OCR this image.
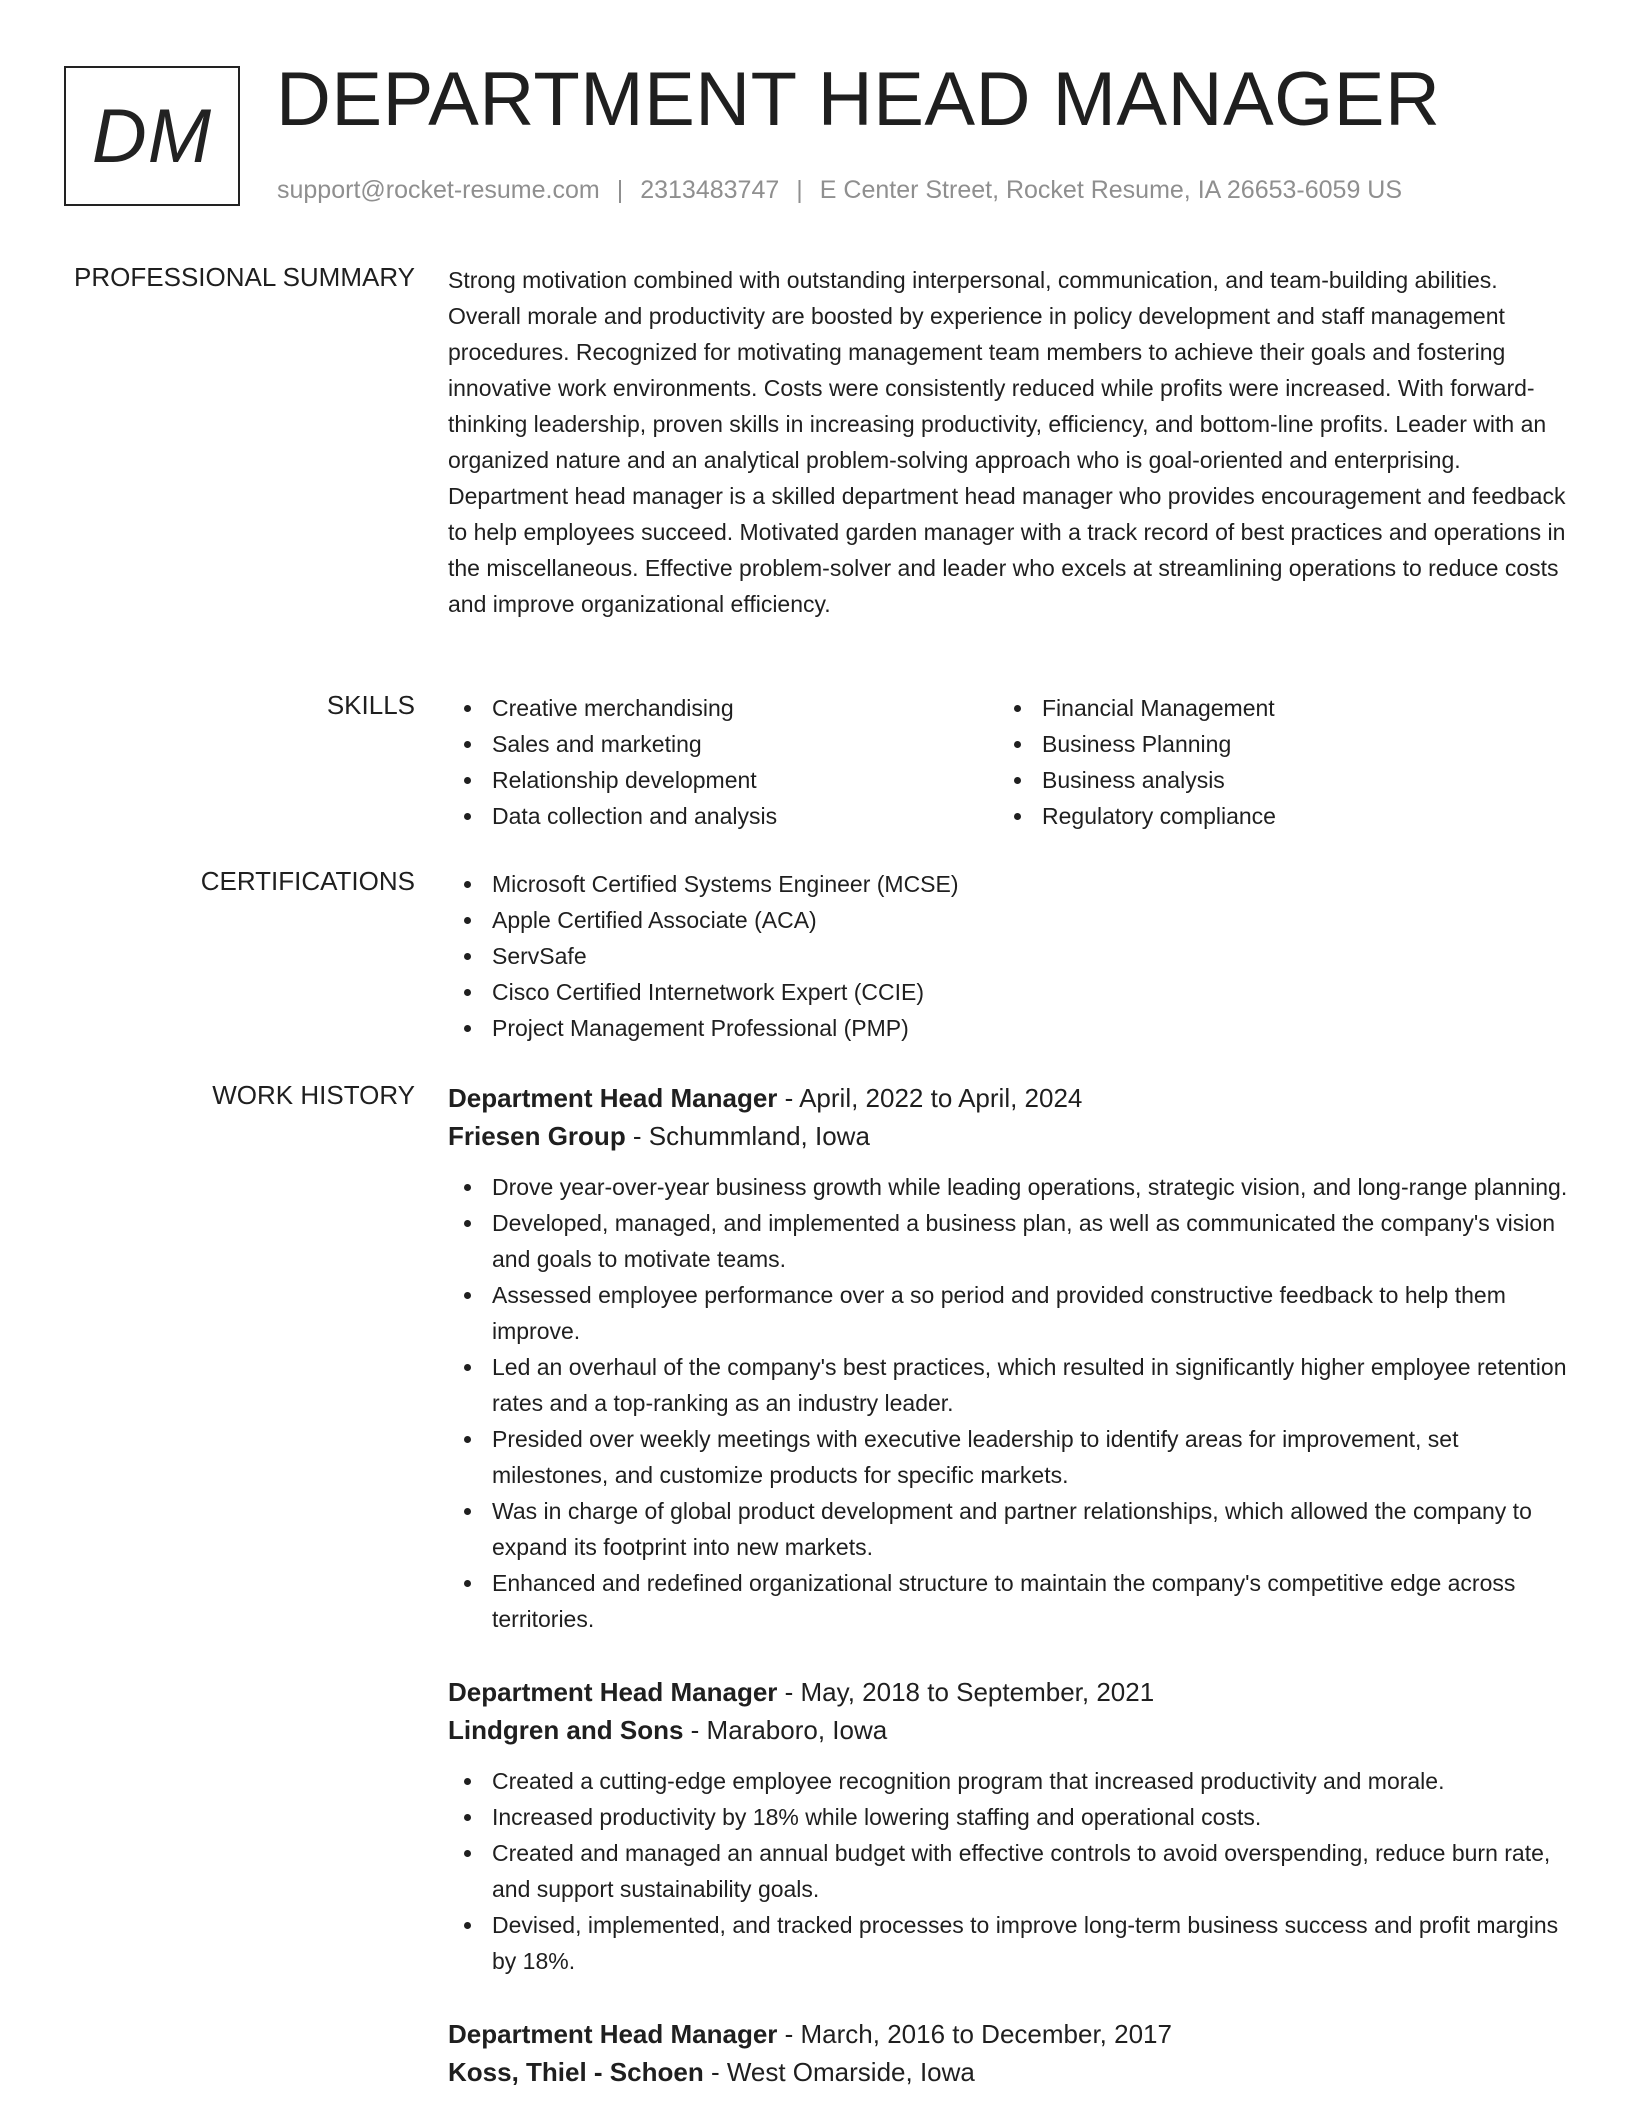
DM DEPARTMENT HEAD MANAGER
support@rocket-resume.com | 2313483747 | E Center Street, Rocket Resume, IA 26653-6059 US
PROFESSIONAL SUMMARY Strong motivation combined with outstanding interpersonal, communication, and team-building abilities. Overall morale and productivity are boosted by experience in policy development and staff management procedures. Recognized for motivating management team members to achieve their goals and fostering innovative work environments. Costs were consistently reduced while profits were increased. With forward-thinking leadership, proven skills in increasing productivity, efficiency, and bottom-line profits. Leader with an organized nature and an analytical problem-solving approach who is goal-oriented and enterprising. Department head manager is a skilled department head manager who provides encouragement and feedback to help employees succeed. Motivated garden manager with a track record of best practices and operations in the miscellaneous. Effective problem-solver and leader who excels at streamlining operations to reduce costs and improve organizational efficiency.

SKILLS	Creative merchandising
Sales and marketing
Relationship development
Data collection and analysis
Financial Management
Business Planning
Business analysis
Regulatory compliance
CERTIFICATIONS	Microsoft Certified Systems Engineer (MCSE)
Apple Certified Associate (ACA)
ServSafe
Cisco Certified Internetwork Expert (CCIE)
Project Management Professional (PMP)
WORK HISTORY Department Head Manager - April, 2022 to April, 2024
Friesen Group - Schummland, Iowa
Drove year-over-year business growth while leading operations, strategic vision, and long-range planning.
Developed, managed, and implemented a business plan, as well as communicated the company's vision and goals to motivate teams.
Assessed employee performance over a so period and provided constructive feedback to help them improve.
Led an overhaul of the company's best practices, which resulted in significantly higher employee retention rates and a top-ranking as an industry leader.
Presided over weekly meetings with executive leadership to identify areas for improvement, set milestones, and customize products for specific markets.
Was in charge of global product development and partner relationships, which allowed the company to expand its footprint into new markets.
Enhanced and redefined organizational structure to maintain the company's competitive edge across territories.
Department Head Manager - May, 2018 to September, 2021
Lindgren and Sons - Maraboro, Iowa
Created a cutting-edge employee recognition program that increased productivity and morale.
Increased productivity by 18% while lowering staffing and operational costs.
Created and managed an annual budget with effective controls to avoid overspending, reduce burn rate, and support sustainability goals.
Devised, implemented, and tracked processes to improve long-term business success and profit margins by 18%.
Department Head Manager - March, 2016 to December, 2017
Koss, Thiel - Schoen - West Omarside, Iowa
